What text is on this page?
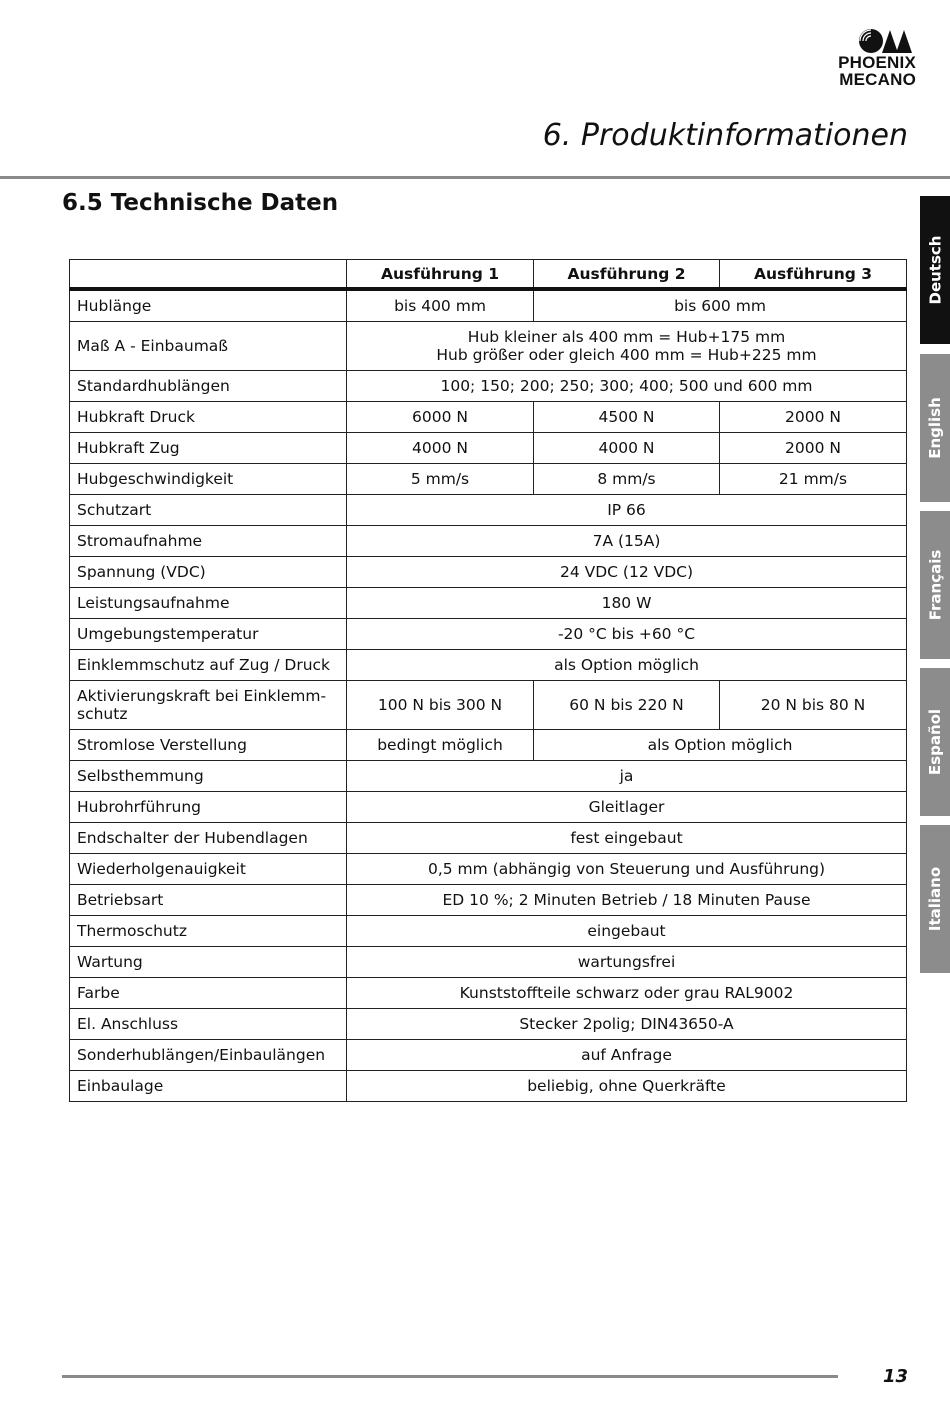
PHOENIX
MECANO
6. Produktinformationen
6.5 Technische Daten
	Ausführung 1	Ausführung 2	Ausführung 3
Hublänge	bis 400 mm	bis 600 mm	
Maß A - Einbaumaß	Hub kleiner als 400 mm = Hub+175 mm
Hub größer oder gleich 400 mm = Hub+225 mm		

Standardhublängen	100; 150; 200; 250; 300; 400; 500 und 600 mm		
Hubkraft Druck	6000 N	4500 N	2000 N
Hubkraft Zug	4000 N	4000 N	2000 N
Hubgeschwindigkeit	5 mm/s	8 mm/s	21 mm/s
Schutzart	IP 66		
Stromaufnahme	7A (15A)		
Spannung (VDC)	24 VDC (12 VDC)		
Leistungsaufnahme	180 W		
Umgebungstemperatur	-20 °C bis +60 °C		
Einklemmschutz auf Zug / Druck	als Option möglich		
Aktivierungskraft bei Einklemm-schutz	100 N bis 300 N	60 N bis 220 N	20 N bis 80 N
Stromlose Verstellung	bedingt möglich	als Option möglich	
Selbsthemmung	ja		
Hubrohrführung	Gleitlager		
Endschalter der Hubendlagen	fest eingebaut		
Wiederholgenauigkeit	0,5 mm (abhängig von Steuerung und Ausführung)		
Betriebsart	ED 10 %; 2 Minuten Betrieb / 18 Minuten Pause		
Thermoschutz	eingebaut		
Wartung	wartungsfrei		
Farbe	Kunststoffteile schwarz oder grau RAL9002		
El. Anschluss	Stecker 2polig; DIN43650-A		
Sonderhublängen/Einbaulängen	auf Anfrage		
Einbaulage	beliebig, ohne Querkräfte		
Deutsch
English
Français
Español
Italiano
13
